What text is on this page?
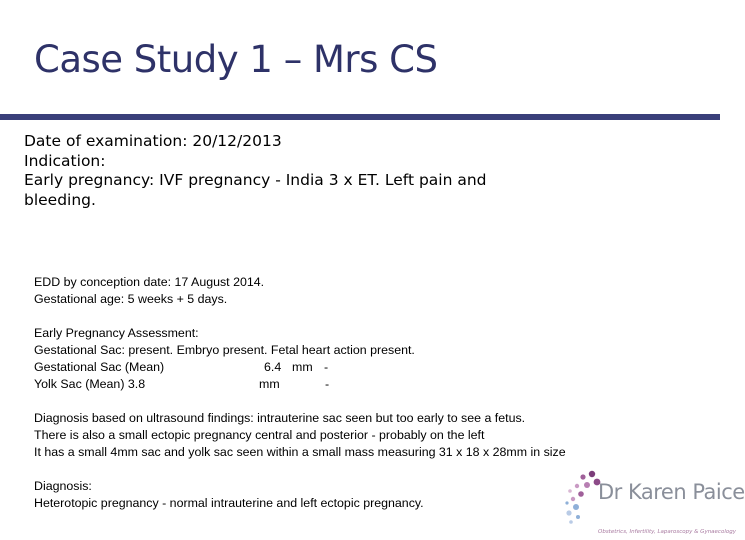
Case Study 1 – Mrs CS
Date of examination: 20/12/2013
Indication:
Early pregnancy: IVF pregnancy - India 3 x ET. Left pain and
bleeding.
EDD by conception date: 17 August 2014.
Gestational age: 5 weeks + 5 days.
Early Pregnancy Assessment:
Gestational Sac: present. Embryo present. Fetal heart action present.
Gestational Sac (Mean)	6.4 mm -
Yolk Sac (Mean) 3.8	mm	-
Diagnosis based on ultrasound findings: intrauterine sac seen but too early to see a fetus.
There is also a small ectopic pregnancy central and posterior - probably on the left
It has a small 4mm sac and yolk sac seen within a small mass measuring 31 x 18 x 28mm in size
Diagnosis:
Heterotopic pregnancy - normal intrauterine and left ectopic pregnancy.	Dr Karen Paice
Obstetrics, Infertility, Laparoscopy & Gynaecology
